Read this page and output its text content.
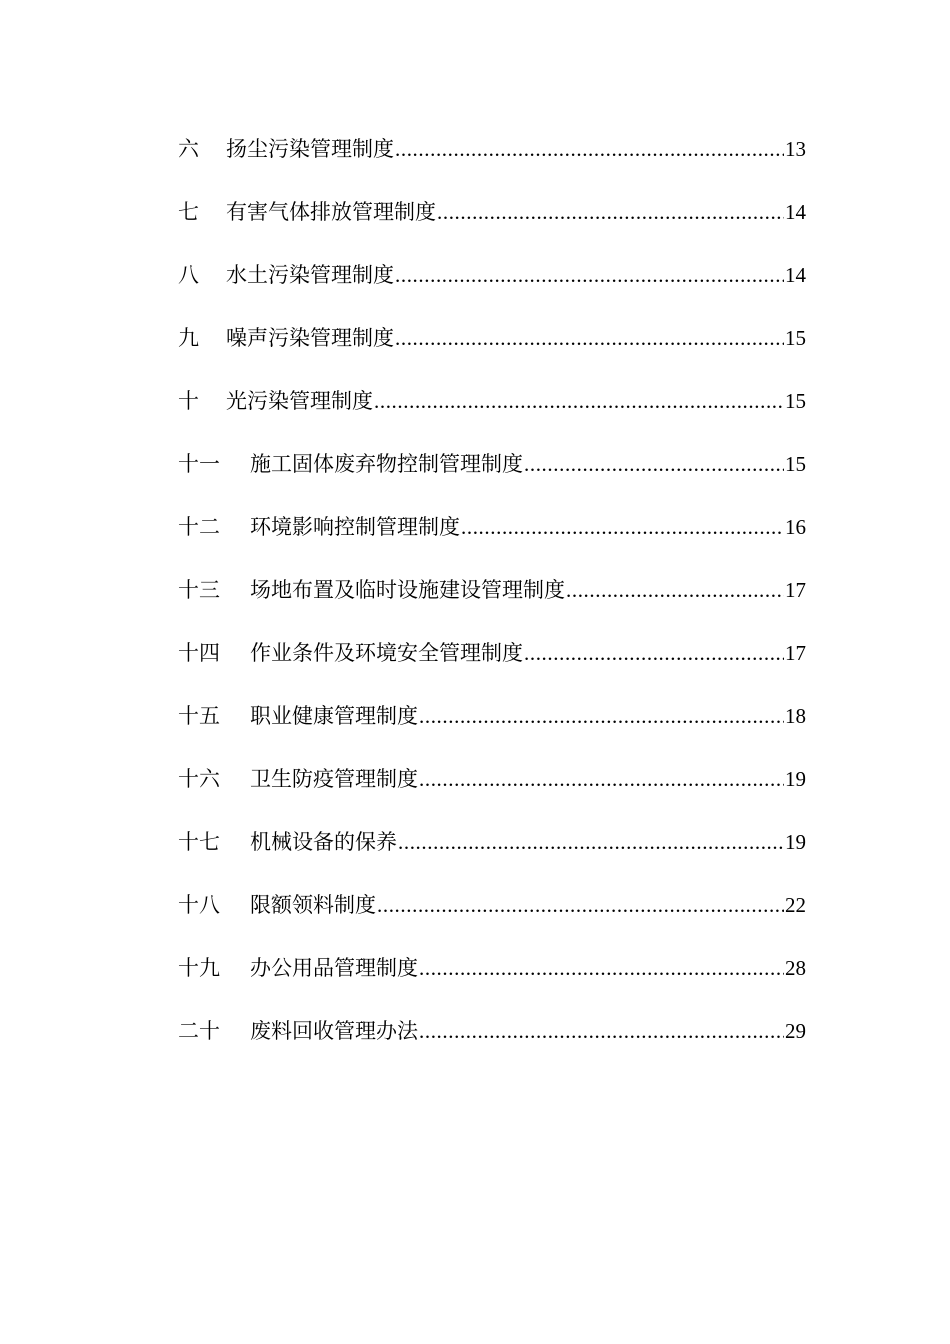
六	扬尘污染管理制度 .....	13
七	有害气体排放管理制度 .....	14
八	水土污染管理制度 .....	14
九	噪声污染管理制度 .....	15
十	光污染管理制度 .....	15
十一	施工固体废弃物控制管理制度 .....	15
十二	环境影响控制管理制度 .....	16
十三	场地布置及临时设施建设管理制度 .....	17
十四	作业条件及环境安全管理制度 .....	17
十五	职业健康管理制度 .....	18
十六	卫生防疫管理制度 .....	19
十七	机械设备的保养 .....	19
十八	限额领料制度 .....	22
十九	办公用品管理制度 .....	28
二十	废料回收管理办法 .....	29
